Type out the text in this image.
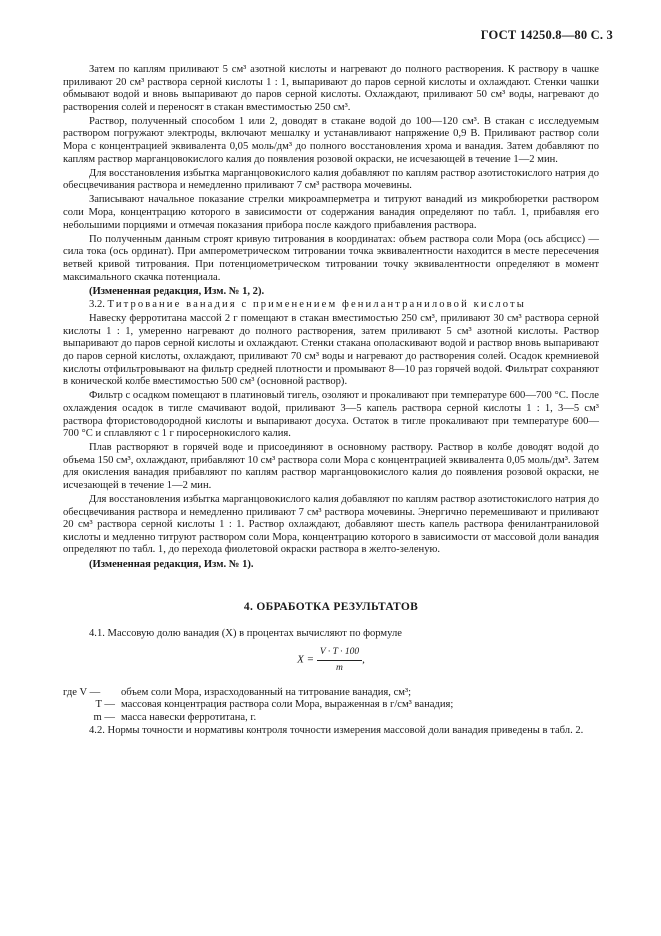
ГОСТ 14250.8—80 С. 3

Затем по каплям приливают 5 см³ азотной кислоты и нагревают до полного растворения. К раствору в чашке приливают 20 см³ раствора серной кислоты 1 : 1, выпаривают до паров серной кислоты и охлаждают. Стенки чашки обмывают водой и вновь выпаривают до паров серной кислоты. Охлаждают, приливают 50 см³ воды, нагревают до растворения солей и переносят в стакан вместимостью 250 см³.

Раствор, полученный способом 1 или 2, доводят в стакане водой до 100—120 см³. В стакан с исследуемым раствором погружают электроды, включают мешалку и устанавливают напряжение 0,9 В. Приливают раствор соли Мора с концентрацией эквивалента 0,05 моль/дм³ до полного восстановления хрома и ванадия. Затем добавляют по каплям раствор марганцовокислого калия до появления розовой окраски, не исчезающей в течение 1—2 мин.

Для восстановления избытка марганцовокислого калия добавляют по каплям раствор азотистокислого натрия до обесцвечивания раствора и немедленно приливают 7 см³ раствора мочевины.

Записывают начальное показание стрелки микроамперметра и титруют ванадий из микробюретки раствором соли Мора, концентрацию которого в зависимости от содержания ванадия определяют по табл. 1, прибавляя его небольшими порциями и отмечая показания прибора после каждого прибавления раствора.

По полученным данным строят кривую титрования в координатах: объем раствора соли Мора (ось абсцисс) — сила тока (ось ординат). При амперометрическом титровании точка эквивалентности находится в месте пересечения ветвей кривой титрования. При потенциометрическом титровании точку эквивалентности определяют в момент максимального скачка потенциала.

(Измененная редакция, Изм. № 1, 2).

3.2. Титрование ванадия с применением фенилантраниловой кислоты

Навеску ферротитана массой 2 г помещают в стакан вместимостью 250 см³, приливают 30 см³ раствора серной кислоты 1 : 1, умеренно нагревают до полного растворения, затем приливают 5 см³ азотной кислоты. Раствор выпаривают до паров серной кислоты и охлаждают. Стенки стакана ополаскивают водой и раствор вновь выпаривают до паров серной кислоты, охлаждают, приливают 70 см³ воды и нагревают до растворения солей. Осадок кремниевой кислоты отфильтровывают на фильтр средней плотности и промывают 8—10 раз горячей водой. Фильтрат сохраняют в конической колбе вместимостью 500 см³ (основной раствор).

Фильтр с осадком помещают в платиновый тигель, озоляют и прокаливают при температуре 600—700 °С. После охлаждения осадок в тигле смачивают водой, приливают 3—5 капель раствора серной кислоты 1 : 1, 3—5 см³ раствора фтористоводородной кислоты и выпаривают досуха. Остаток в тигле прокаливают при температуре 600—700 °С и сплавляют с 1 г пиросернокислого калия.

Плав растворяют в горячей воде и присоединяют в основному раствору. Раствор в колбе доводят водой до объема 150 см³, охлаждают, прибавляют 10 см³ раствора соли Мора с концентрацией эквивалента 0,05 моль/дм³. Затем для окисления ванадия прибавляют по каплям раствор марганцовокислого калия до появления розовой окраски, не исчезающей в течение 1—2 мин.

Для восстановления избытка марганцовокислого калия добавляют по каплям раствор азотистокислого натрия до обесцвечивания раствора и немедленно приливают 7 см³ раствора мочевины. Энергично перемешивают и приливают 20 см³ раствора серной кислоты 1 : 1. Раствор охлаждают, добавляют шесть капель раствора фенилантраниловой кислоты и медленно титруют раствором соли Мора, концентрацию которого в зависимости от массовой доли ванадия определяют по табл. 1, до перехода фиолетовой окраски раствора в желто-зеленую.

(Измененная редакция, Изм. № 1).

4. ОБРАБОТКА РЕЗУЛЬТАТОВ

4.1. Массовую долю ванадия (X) в процентах вычисляют по формуле

$X = \frac{V \cdot T \cdot 100}{m}$ ,
где V —	объем соли Мора, израсходованный на титрование ванадия, см³;
T — массовая концентрация раствора соли Мора, выраженная в г/см³ ванадия;
m — масса навески ферротитана, г.

4.2. Нормы точности и нормативы контроля точности измерения массовой доли ванадия приведены в табл. 2.
